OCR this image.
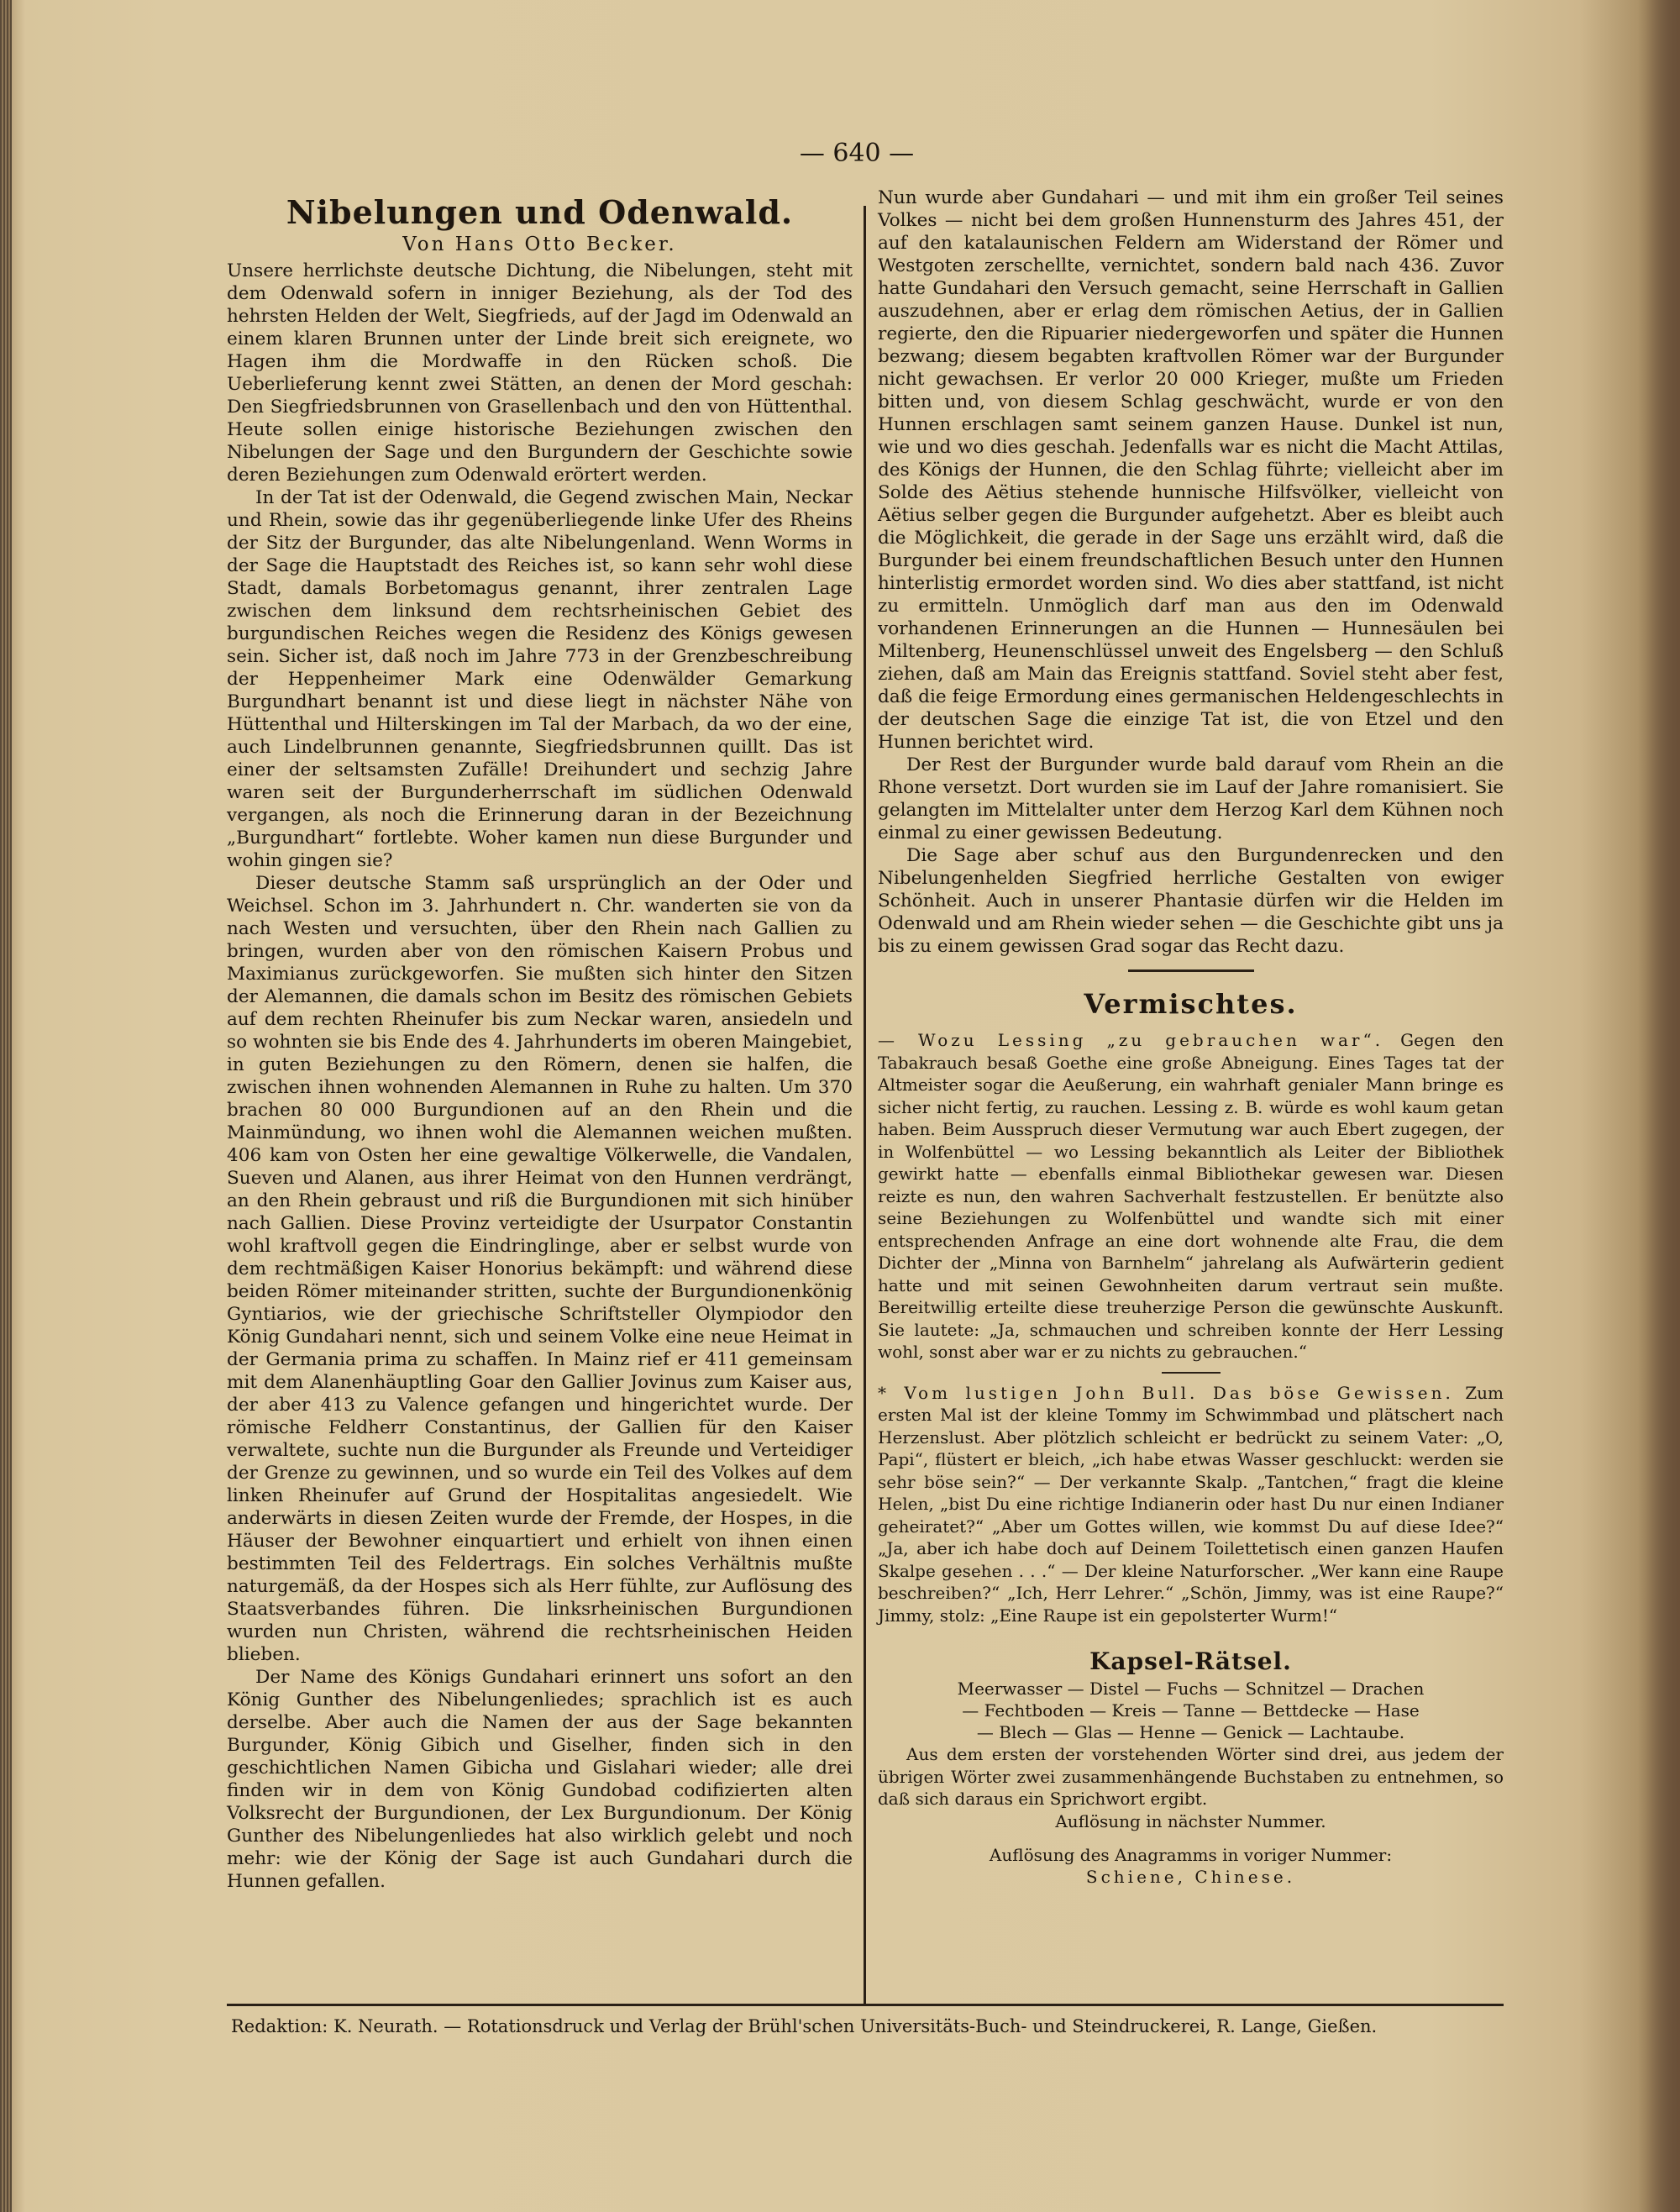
— 640 —
Nibelungen und Odenwald.
Von Hans Otto Becker.

Unsere herrlichste deutsche Dichtung, die Nibelungen, steht mit dem Odenwald sofern in inniger Beziehung, als der Tod des hehrsten Helden der Welt, Siegfrieds, auf der Jagd im Odenwald an einem klaren Brunnen unter der Linde breit sich ereignete, wo Hagen ihm die Mordwaffe in den Rücken schoß. Die Ueberlieferung kennt zwei Stätten, an denen der Mord geschah: Den Siegfriedsbrunnen von Grasellenbach und den von Hüttenthal. Heute sollen einige historische Beziehungen zwischen den Nibelungen der Sage und den Burgundern der Geschichte sowie deren Beziehungen zum Odenwald erörtert werden.

In der Tat ist der Odenwald, die Gegend zwischen Main, Neckar und Rhein, sowie das ihr gegenüberliegende linke Ufer des Rheins der Sitz der Burgunder, das alte Nibelungenland. Wenn Worms in der Sage die Hauptstadt des Reiches ist, so kann sehr wohl diese Stadt, damals Borbetomagus genannt, ihrer zentralen Lage zwischen dem linksund dem rechtsrheinischen Gebiet des burgundischen Reiches wegen die Residenz des Königs gewesen sein. Sicher ist, daß noch im Jahre 773 in der Grenzbeschreibung der Heppenheimer Mark eine Odenwälder Gemarkung Burgundhart benannt ist und diese liegt in nächster Nähe von Hüttenthal und Hilterskingen im Tal der Marbach, da wo der eine, auch Lindelbrunnen genannte, Siegfriedsbrunnen quillt. Das ist einer der seltsamsten Zufälle! Dreihundert und sechzig Jahre waren seit der Burgunderherrschaft im südlichen Odenwald vergangen, als noch die Erinnerung daran in der Bezeichnung „Burgundhart“ fortlebte. Woher kamen nun diese Burgunder und wohin gingen sie?

Dieser deutsche Stamm saß ursprünglich an der Oder und Weichsel. Schon im 3. Jahrhundert n. Chr. wanderten sie von da nach Westen und versuchten, über den Rhein nach Gallien zu bringen, wurden aber von den römischen Kaisern Probus und Maximianus zurückgeworfen. Sie mußten sich hinter den Sitzen der Alemannen, die damals schon im Besitz des römischen Gebiets auf dem rechten Rheinufer bis zum Neckar waren, ansiedeln und so wohnten sie bis Ende des 4. Jahrhunderts im oberen Maingebiet, in guten Beziehungen zu den Römern, denen sie halfen, die zwischen ihnen wohnenden Alemannen in Ruhe zu halten. Um 370 brachen 80 000 Burgundionen auf an den Rhein und die Mainmündung, wo ihnen wohl die Alemannen weichen mußten. 406 kam von Osten her eine gewaltige Völkerwelle, die Vandalen, Sueven und Alanen, aus ihrer Heimat von den Hunnen verdrängt, an den Rhein gebraust und riß die Burgundionen mit sich hinüber nach Gallien. Diese Provinz verteidigte der Usurpator Constantin wohl kraftvoll gegen die Eindringlinge, aber er selbst wurde von dem rechtmäßigen Kaiser Honorius bekämpft: und während diese beiden Römer miteinander stritten, suchte der Burgundionenkönig Gyntiarios, wie der griechische Schriftsteller Olympiodor den König Gundahari nennt, sich und seinem Volke eine neue Heimat in der Germania prima zu schaffen. In Mainz rief er 411 gemeinsam mit dem Alanenhäuptling Goar den Gallier Jovinus zum Kaiser aus, der aber 413 zu Valence gefangen und hingerichtet wurde. Der römische Feldherr Constantinus, der Gallien für den Kaiser verwaltete, suchte nun die Burgunder als Freunde und Verteidiger der Grenze zu gewinnen, und so wurde ein Teil des Volkes auf dem linken Rheinufer auf Grund der Hospitalitas angesiedelt. Wie anderwärts in diesen Zeiten wurde der Fremde, der Hospes, in die Häuser der Bewohner einquartiert und erhielt von ihnen einen bestimmten Teil des Feldertrags. Ein solches Verhältnis mußte naturgemäß, da der Hospes sich als Herr fühlte, zur Auflösung des Staatsverbandes führen. Die linksrheinischen Burgundionen wurden nun Christen, während die rechtsrheinischen Heiden blieben.

Der Name des Königs Gundahari erinnert uns sofort an den König Gunther des Nibelungenliedes; sprachlich ist es auch derselbe. Aber auch die Namen der aus der Sage bekannten Burgunder, König Gibich und Giselher, finden sich in den geschichtlichen Namen Gibicha und Gislahari wieder; alle drei finden wir in dem von König Gundobad codifizierten alten Volksrecht der Burgundionen, der Lex Burgundionum. Der König Gunther des Nibelungenliedes hat also wirklich gelebt und noch mehr: wie der König der Sage ist auch Gundahari durch die Hunnen gefallen.

Nun wurde aber Gundahari — und mit ihm ein großer Teil seines Volkes — nicht bei dem großen Hunnensturm des Jahres 451, der auf den katalaunischen Feldern am Widerstand der Römer und Westgoten zerschellte, vernichtet, sondern bald nach 436. Zuvor hatte Gundahari den Versuch gemacht, seine Herrschaft in Gallien auszudehnen, aber er erlag dem römischen Aetius, der in Gallien regierte, den die Ripuarier niedergeworfen und später die Hunnen bezwang; diesem begabten kraftvollen Römer war der Burgunder nicht gewachsen. Er verlor 20 000 Krieger, mußte um Frieden bitten und, von diesem Schlag geschwächt, wurde er von den Hunnen erschlagen samt seinem ganzen Hause. Dunkel ist nun, wie und wo dies geschah. Jedenfalls war es nicht die Macht Attilas, des Königs der Hunnen, die den Schlag führte; vielleicht aber im Solde des Aëtius stehende hunnische Hilfsvölker, vielleicht von Aëtius selber gegen die Burgunder aufgehetzt. Aber es bleibt auch die Möglichkeit, die gerade in der Sage uns erzählt wird, daß die Burgunder bei einem freundschaftlichen Besuch unter den Hunnen hinterlistig ermordet worden sind. Wo dies aber stattfand, ist nicht zu ermitteln. Unmöglich darf man aus den im Odenwald vorhandenen Erinnerungen an die Hunnen — Hunnesäulen bei Miltenberg, Heunenschlüssel unweit des Engelsberg — den Schluß ziehen, daß am Main das Ereignis stattfand. Soviel steht aber fest, daß die feige Ermordung eines germanischen Heldengeschlechts in der deutschen Sage die einzige Tat ist, die von Etzel und den Hunnen berichtet wird.

Der Rest der Burgunder wurde bald darauf vom Rhein an die Rhone versetzt. Dort wurden sie im Lauf der Jahre romanisiert. Sie gelangten im Mittelalter unter dem Herzog Karl dem Kühnen noch einmal zu einer gewissen Bedeutung.

Die Sage aber schuf aus den Burgundenrecken und den Nibelungenhelden Siegfried herrliche Gestalten von ewiger Schönheit. Auch in unserer Phantasie dürfen wir die Helden im Odenwald und am Rhein wieder sehen — die Geschichte gibt uns ja bis zu einem gewissen Grad sogar das Recht dazu.

Vermischtes.

— Wozu Lessing „zu gebrauchen war“. Gegen den Tabakrauch besaß Goethe eine große Abneigung. Eines Tages tat der Altmeister sogar die Aeußerung, ein wahrhaft genialer Mann bringe es sicher nicht fertig, zu rauchen. Lessing z. B. würde es wohl kaum getan haben. Beim Ausspruch dieser Vermutung war auch Ebert zugegen, der in Wolfenbüttel — wo Lessing bekanntlich als Leiter der Bibliothek gewirkt hatte — ebenfalls einmal Bibliothekar gewesen war. Diesen reizte es nun, den wahren Sachverhalt festzustellen. Er benützte also seine Beziehungen zu Wolfenbüttel und wandte sich mit einer entsprechenden Anfrage an eine dort wohnende alte Frau, die dem Dichter der „Minna von Barnhelm“ jahrelang als Aufwärterin gedient hatte und mit seinen Gewohnheiten darum vertraut sein mußte. Bereitwillig erteilte diese treuherzige Person die gewünschte Auskunft. Sie lautete: „Ja, schmauchen und schreiben konnte der Herr Lessing wohl, sonst aber war er zu nichts zu gebrauchen.“

* Vom lustigen John Bull. Das böse Gewissen. Zum ersten Mal ist der kleine Tommy im Schwimmbad und plätschert nach Herzenslust. Aber plötzlich schleicht er bedrückt zu seinem Vater: „O, Papi“, flüstert er bleich, „ich habe etwas Wasser geschluckt: werden sie sehr böse sein?“ — Der verkannte Skalp. „Tantchen,“ fragt die kleine Helen, „bist Du eine richtige Indianerin oder hast Du nur einen Indianer geheiratet?“ „Aber um Gottes willen, wie kommst Du auf diese Idee?“ „Ja, aber ich habe doch auf Deinem Toilettetisch einen ganzen Haufen Skalpe gesehen . . .“ — Der kleine Naturforscher. „Wer kann eine Raupe beschreiben?“ „Ich, Herr Lehrer.“ „Schön, Jimmy, was ist eine Raupe?“ Jimmy, stolz: „Eine Raupe ist ein gepolsterter Wurm!“

Kapsel-Rätsel.

Meerwasser — Distel — Fuchs — Schnitzel — Drachen

— Fechtboden — Kreis — Tanne — Bettdecke — Hase

— Blech — Glas — Henne — Genick — Lachtaube.

Aus dem ersten der vorstehenden Wörter sind drei, aus jedem der übrigen Wörter zwei zusammenhängende Buchstaben zu entnehmen, so daß sich daraus ein Sprichwort ergibt.

Auflösung in nächster Nummer.

Auflösung des Anagramms in voriger Nummer:

Schiene, Chinese.

Redaktion: K. Neurath. — Rotationsdruck und Verlag der Brühl'schen Universitäts-Buch- und Steindruckerei, R. Lange, Gießen.
